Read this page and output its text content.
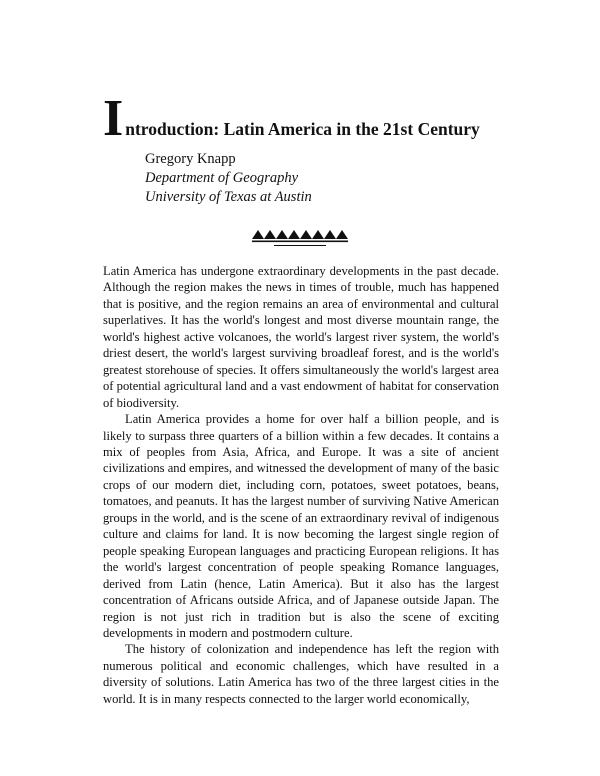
Introduction: Latin America in the 21st Century
Gregory Knapp
Department of Geography
University of Texas at Austin

Latin America has undergone extraordinary developments in the past decade. Although the region makes the news in times of trouble, much has happened that is positive, and the region remains an area of environmental and cultural superlatives. It has the world's longest and most diverse mountain range, the world's highest active volcanoes, the world's largest river system, the world's driest desert, the world's largest surviving broadleaf forest, and is the world's greatest storehouse of species. It offers simultaneously the world's largest area of potential agricultural land and a vast endowment of habitat for conservation of biodiversity.

Latin America provides a home for over half a billion people, and is likely to surpass three quarters of a billion within a few decades. It contains a mix of peoples from Asia, Africa, and Europe. It was a site of ancient civilizations and empires, and witnessed the development of many of the basic crops of our modern diet, including corn, potatoes, sweet potatoes, beans, tomatoes, and peanuts. It has the largest number of surviving Native American groups in the world, and is the scene of an extraordinary revival of indigenous culture and claims for land. It is now becoming the largest single region of people speaking European languages and practicing European religions. It has the world's largest concentration of people speaking Romance languages, derived from Latin (hence, Latin America). But it also has the largest concentration of Africans outside Africa, and of Japanese outside Japan. The region is not just rich in tradition but is also the scene of exciting developments in modern and postmodern culture.

The history of colonization and independence has left the region with numerous political and economic challenges, which have resulted in a diversity of solutions. Latin America has two of the three largest cities in the world. It is in many respects connected to the larger world economically,
